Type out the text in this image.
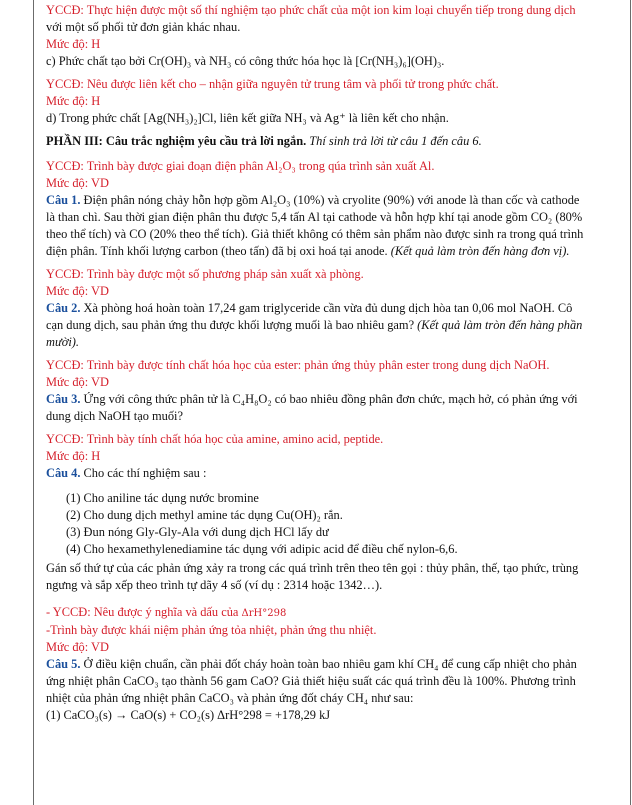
YCCĐ: Thực hiện được một số thí nghiệm tạo phức chất của một ion kim loại chuyển tiếp trong dung dịch
với một số phối tử đơn giản khác nhau.
Mức độ: H
c) Phức chất tạo bởi Cr(OH)₃ và NH₃ có công thức hóa học là [Cr(NH₃)₆](OH)₃.
YCCĐ: Nêu được liên kết cho – nhận giữa nguyên tử trung tâm và phối tử trong phức chất.
Mức độ: H
d) Trong phức chất [Ag(NH₃)₂]Cl, liên kết giữa NH₃ và Ag⁺ là liên kết cho nhận.
PHẦN III: Câu trắc nghiệm yêu cầu trả lời ngắn. Thí sinh trả lời từ câu 1 đến câu 6.
YCCĐ: Trình bày được giai đoạn điện phân Al₂O₃ trong qúa trình sản xuất Al.
Mức độ: VD
Câu 1. Điện phân nóng chảy hỗn hợp gồm Al₂O₃ (10%) và cryolite (90%) với anode là than cốc và cathode
là than chì. Sau thời gian điện phân thu được 5,4 tấn Al tại cathode và hỗn hợp khí tại anode gồm CO₂ (80%
theo thể tích) và CO (20% theo thể tích). Giả thiết không có thêm sản phẩm nào được sinh ra trong quá trình
điện phân. Tính khối lượng carbon (theo tấn) đã bị oxi hoá tại anode. (Kết quả làm tròn đến hàng đơn vị).
YCCĐ: Trình bày được một số phương pháp sản xuất xà phòng.
Mức độ: VD
Câu 2. Xà phòng hoá hoàn toàn 17,24 gam triglyceride cần vừa đủ dung dịch hòa tan 0,06 mol NaOH. Cô
cạn dung dịch, sau phản ứng thu được khối lượng muối là bao nhiêu gam? (Kết quả làm tròn đến hàng phần
mười).
YCCĐ: Trình bày được tính chất hóa học của ester: phản ứng thủy phân ester trong dung dịch NaOH.
Mức độ: VD
Câu 3. Ứng với công thức phân tử là C₄H₈O₂ có bao nhiêu đồng phân đơn chức, mạch hở, có phản ứng với
dung dịch NaOH tạo muối?
YCCĐ: Trình bày tính chất hóa học của amine, amino acid, peptide.
Mức độ: H
Câu 4. Cho các thí nghiệm sau :
(1) Cho aniline tác dụng nước bromine
(2) Cho dung dịch methyl amine tác dụng Cu(OH)₂ rắn.
(3) Đun nóng Gly-Gly-Ala với dung dịch HCl lấy dư
(4) Cho hexamethylenediamine tác dụng với adipic acid để điều chế nylon-6,6.
Gán số thứ tự của các phản ứng xảy ra trong các quá trình trên theo tên gọi : thủy phân, thế, tạo phức, trùng
ngưng và sắp xếp theo trình tự dãy 4 số (ví dụ : 2314 hoặc 1342…).
- YCCĐ: Nêu được ý nghĩa và dấu của ΔrH°298
-Trình bày được khái niệm phản ứng tỏa nhiệt, phản ứng thu nhiệt.
Mức độ: VD
Câu 5. Ở điều kiện chuẩn, cần phải đốt cháy hoàn toàn bao nhiêu gam khí CH₄ để cung cấp nhiệt cho phản
ứng nhiệt phân CaCO₃ tạo thành 56 gam CaO? Giả thiết hiệu suất các quá trình đều là 100%. Phương trình
nhiệt của phản ứng nhiệt phân CaCO₃ và phản ứng đốt cháy CH₄ như sau:
(1) CaCO₃(s) → CaO(s) + CO₂(s) ΔrH°298 = +178,29 kJ
